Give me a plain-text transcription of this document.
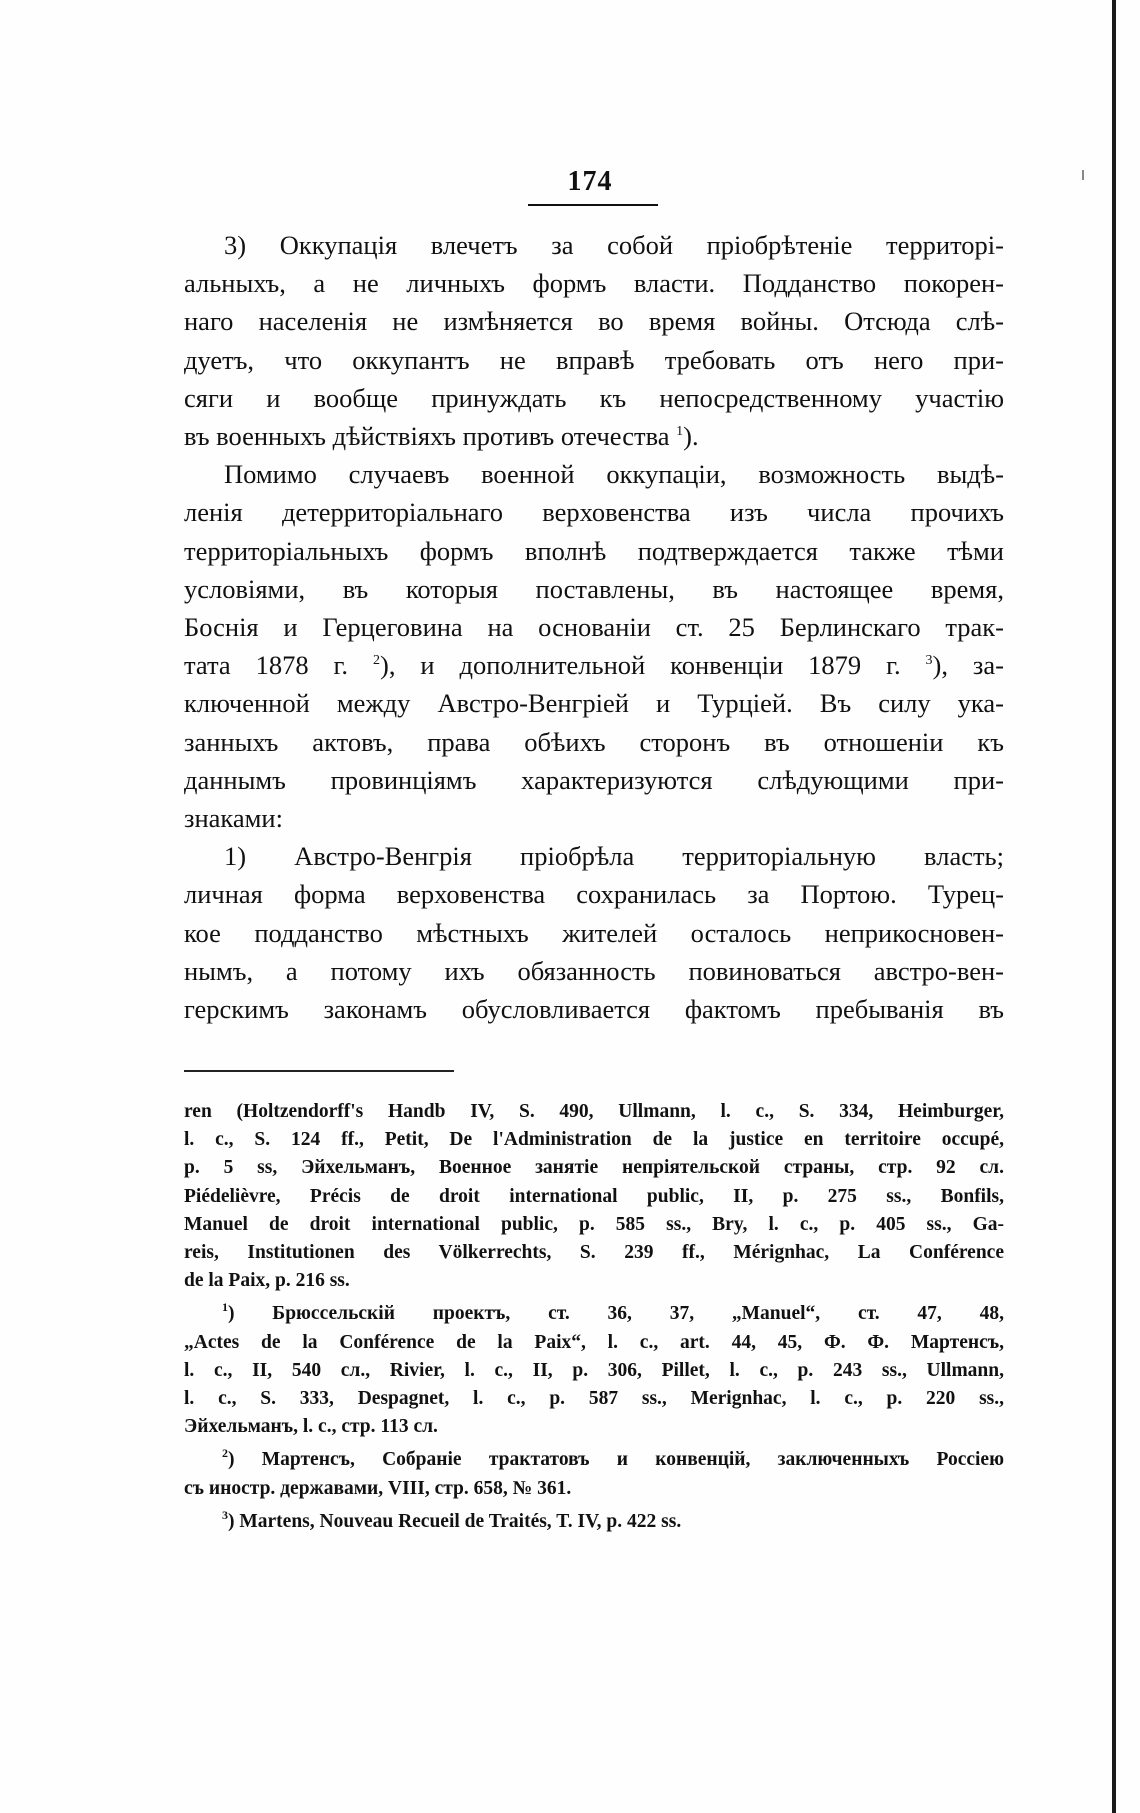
174
3) Оккупацiя влечетъ за собой прiобрѣтенiе территорi-
альныхъ, а не личныхъ формъ власти. Подданство покорен-
наго населенiя не измѣняется во время войны. Отсюда слѣ-
дуетъ, что оккупантъ не вправѣ требовать отъ него при-
сяги и вообще принуждать къ непосредственному участiю
въ военныхъ дѣйствiяхъ противъ отечества $^1$).
Помимо случаевъ военной оккупацiи, возможность выдѣ-
ленiя детерриторiальнаго верховенства изъ числа прочихъ
территорiальныхъ формъ вполнѣ подтверждается также тѣми
условiями, въ которыя поставлены, въ настоящее время,
Боснiя и Герцеговина на основанiи ст. 25 Берлинскаго трак-
тата 1878 г. $^2$), и дополнительной конвенцiи 1879 г. $^3$), за-
ключенной между Австро-Венгрiей и Турцiей. Въ силу ука-
занныхъ актовъ, права обѣихъ сторонъ въ отношенiи къ
даннымъ провинцiямъ характеризуются слѣдующими при-
знаками:
1) Австро-Венгрiя прiобрѣла территорiальную власть;
личная форма верховенства сохранилась за Портою. Турец-
кое подданство мѣстныхъ жителей осталось неприкосновен-
нымъ, а потому ихъ обязанность повиноваться австро-вен-
герскимъ законамъ обусловливается фактомъ пребыванiя въ
ren (Holtzendorff's Handb IV, S. 490, Ullmann, l. c., S. 334, Heimburger,
l. c., S. 124 ff., Petit, De l'Administration de la justice en territoire occupé,
p. 5 ss, Эйхельманъ, Военное занятiе непрiятельской страны, стр. 92 сл.
Piédelièvre, Précis de droit international public, II, p. 275 ss., Bonfils,
Manuel de droit international public, p. 585 ss., Bry, l. c., p. 405 ss., Ga-
reis, Institutionen des Völkerrechts, S. 239 ff., Mérignhac, La Conférence
de la Paix, p. 216 ss.
$^1$) Брюссельскiй проектъ, ст. 36, 37, „Manuel“, ст. 47, 48,
„Actes de la Conférence de la Paix“, l. c., art. 44, 45, Ф. Ф. Мартенсъ,
l. c., II, 540 сл., Rivier, l. c., II, p. 306, Pillet, l. c., p. 243 ss., Ullmann,
l. c., S. 333, Despagnet, l. c., p. 587 ss., Merignhac, l. c., p. 220 ss.,
Эйхельманъ, l. c., стр. 113 сл.
$^2$) Мартенсъ, Собранiе трактатовъ и конвенцiй, заключенныхъ Россiею
съ иностр. державами, VIII, стр. 658, № 361.
$^3$) Martens, Nouveau Recueil de Traités, T. IV, p. 422 ss.
